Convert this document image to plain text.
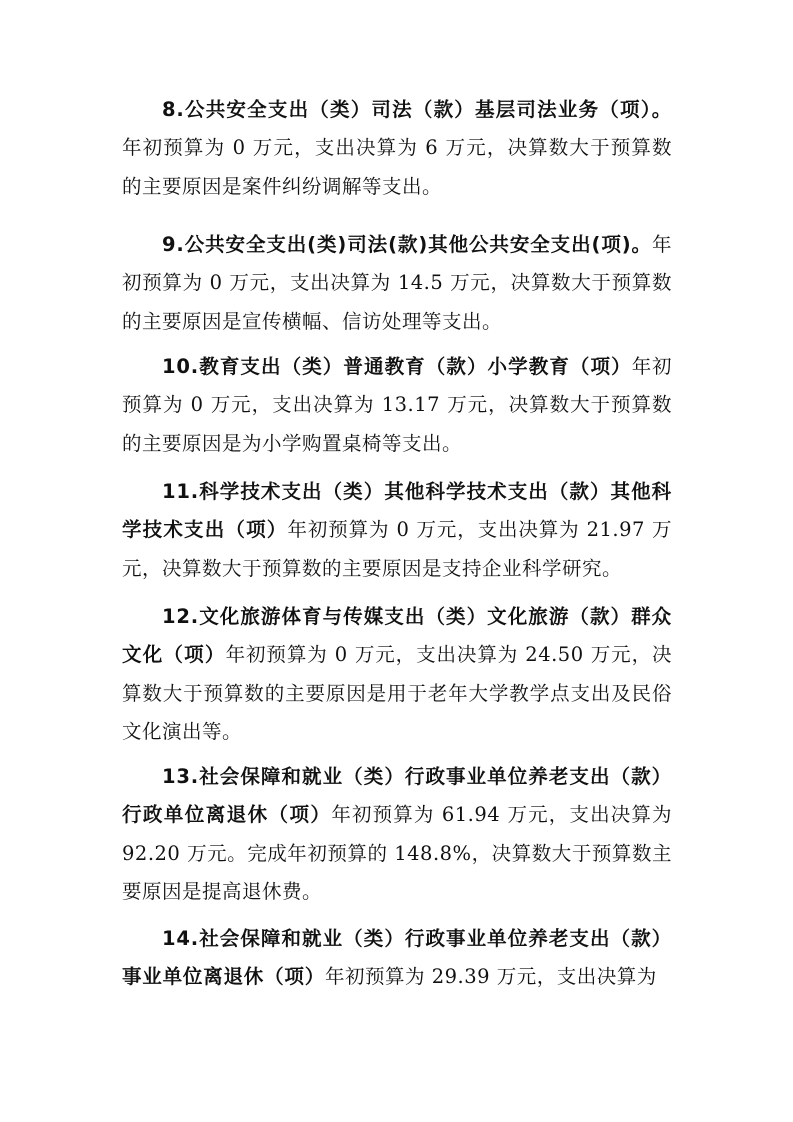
8.公共安全支出（类）司法（款）基层司法业务（项）。年初预算为 0 万元，支出决算为 6 万元，决算数大于预算数的主要原因是案件纠纷调解等支出。

9.公共安全支出(类)司法(款)其他公共安全支出(项)。年初预算为 0 万元，支出决算为 14.5 万元，决算数大于预算数的主要原因是宣传横幅、信访处理等支出。

10.教育支出（类）普通教育（款）小学教育（项）年初预算为 0 万元，支出决算为 13.17 万元，决算数大于预算数的主要原因是为小学购置桌椅等支出。

11.科学技术支出（类）其他科学技术支出（款）其他科学技术支出（项）年初预算为 0 万元，支出决算为 21.97 万元，决算数大于预算数的主要原因是支持企业科学研究。

12.文化旅游体育与传媒支出（类）文化旅游（款）群众文化（项）年初预算为 0 万元，支出决算为 24.50 万元，决算数大于预算数的主要原因是用于老年大学教学点支出及民俗文化演出等。

13.社会保障和就业（类）行政事业单位养老支出（款）行政单位离退休（项）年初预算为 61.94 万元，支出决算为 92.20 万元。完成年初预算的 148.8%，决算数大于预算数主要原因是提高退休费。

14.社会保障和就业（类）行政事业单位养老支出（款）事业单位离退休（项）年初预算为 29.39 万元，支出决算为
